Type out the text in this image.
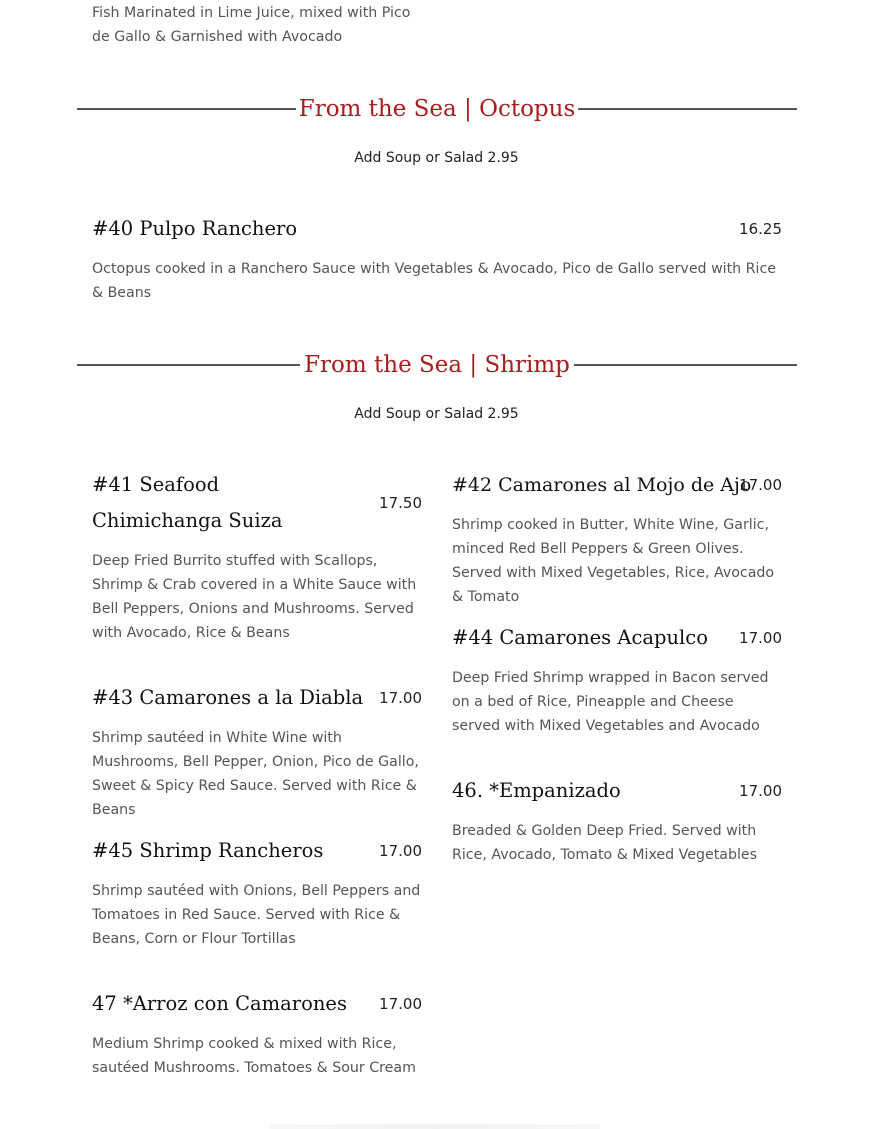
Fish Marinated in Lime Juice, mixed with Pico de Gallo & Garnished with Avocado

From the Sea | Octopus
Add Soup or Salad 2.95
#40 Pulpo Ranchero	16.25

Octopus cooked in a Ranchero Sauce with Vegetables & Avocado, Pico de Gallo served with Rice & Beans

From the Sea | Shrimp
Add Soup or Salad 2.95
#41 Seafood Chimichanga Suiza
17.50

Deep Fried Burrito stuffed with Scallops, Shrimp & Crab covered in a White Sauce with Bell Peppers, Onions and Mushrooms. Served with Avocado, Rice & Beans

#42 Camarones al Mojo de Ajo
17.00

Shrimp cooked in Butter, White Wine, Garlic, minced Red Bell Peppers & Green Olives. Served with Mixed Vegetables, Rice, Avocado & Tomato

#43 Camarones a la Diabla	17.00

Shrimp sautéed in White Wine with Mushrooms, Bell Pepper, Onion, Pico de Gallo, Sweet & Spicy Red Sauce. Served with Rice & Beans

#44 Camarones Acapulco	17.00

Deep Fried Shrimp wrapped in Bacon served on a bed of Rice, Pineapple and Cheese served with Mixed Vegetables and Avocado

#45 Shrimp Rancheros	17.00

Shrimp sautéed with Onions, Bell Peppers and Tomatoes in Red Sauce. Served with Rice & Beans, Corn or Flour Tortillas

46. *Empanizado	17.00

Breaded & Golden Deep Fried. Served with Rice, Avocado, Tomato & Mixed Vegetables

47 *Arroz con Camarones	17.00

Medium Shrimp cooked & mixed with Rice, sautéed Mushrooms. Tomatoes & Sour Cream
